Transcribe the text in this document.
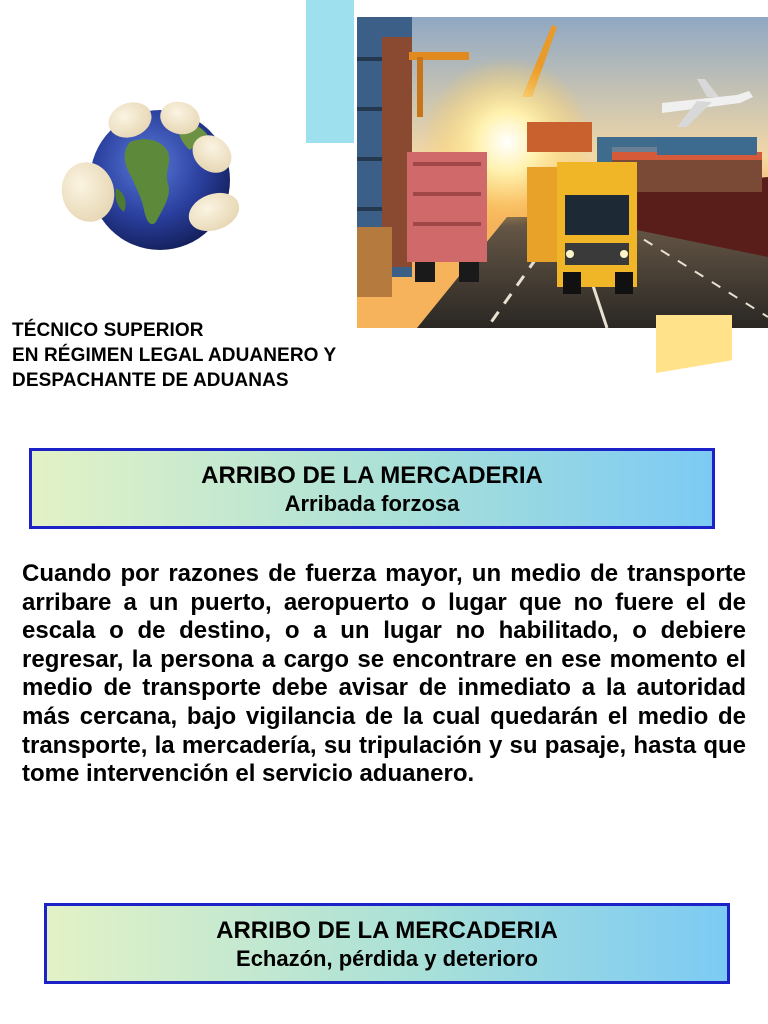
TÉCNICO SUPERIOR
EN RÉGIMEN LEGAL ADUANERO Y
DESPACHANTE DE ADUANAS
ARRIBO DE LA MERCADERIA
Arribada forzosa
Cuando por razones de fuerza mayor, un medio de transporte arribare a un puerto, aeropuerto o lugar que no fuere el de escala o de destino, o a un lugar no habilitado, o debiere regresar, la persona a cargo se encontrare en ese momento el medio de transporte debe avisar de inmediato a la autoridad más cercana, bajo vigilancia de la cual quedarán el medio de transporte, la mercadería, su tripulación y su pasaje, hasta que tome intervención el servicio aduanero.
ARRIBO DE LA MERCADERIA
Echazón, pérdida y deterioro
